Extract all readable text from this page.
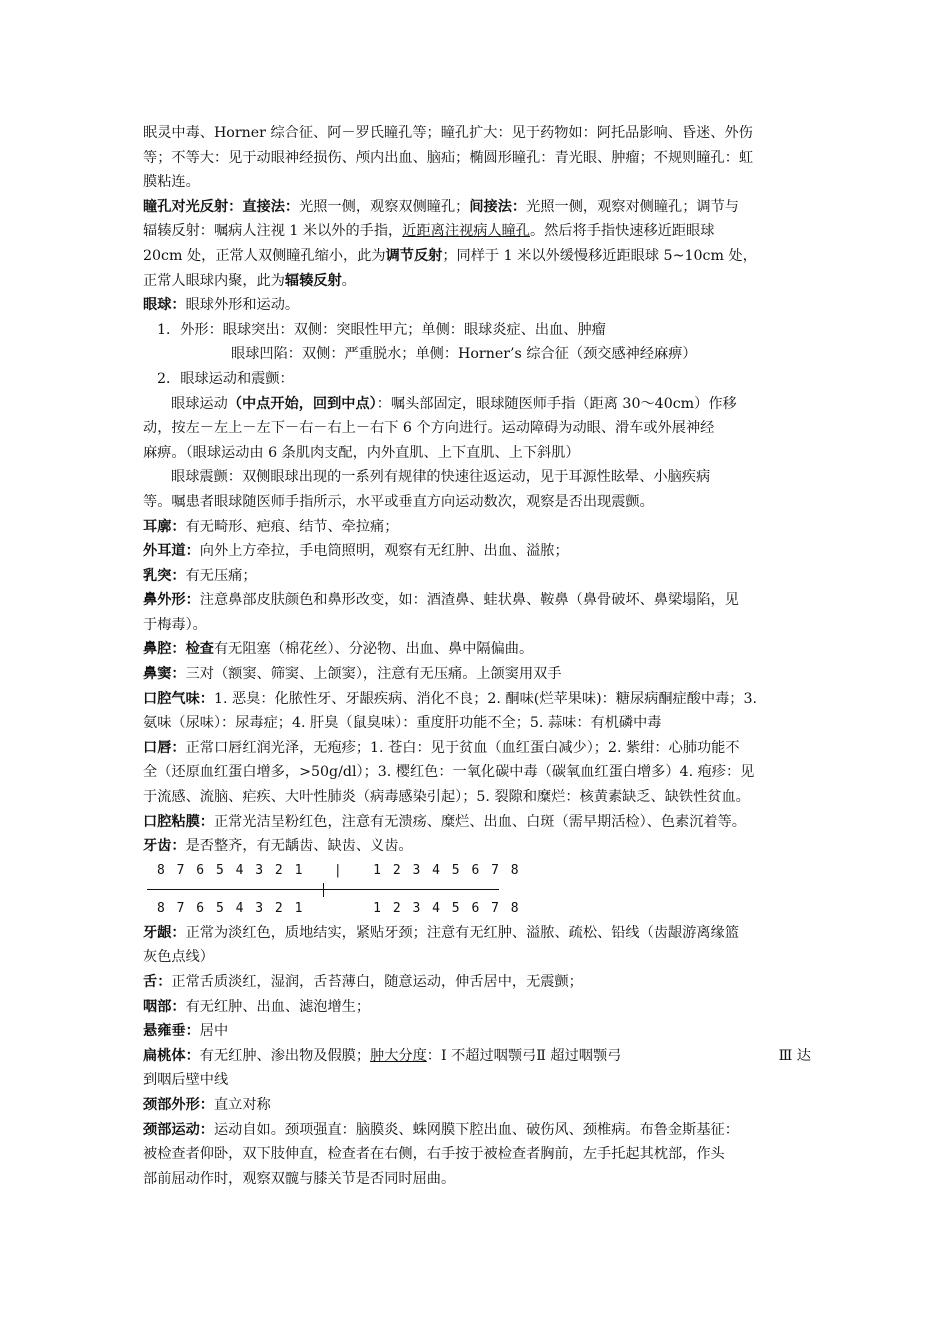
眠灵中毒、Horner 综合征、阿－罗氏瞳孔等；瞳孔扩大：见于药物如：阿托品影响、昏迷、外伤
等；不等大：见于动眼神经损伤、颅内出血、脑疝；椭圆形瞳孔：青光眼、肿瘤；不规则瞳孔：虹
膜粘连。
瞳孔对光反射：直接法：光照一侧，观察双侧瞳孔；间接法：光照一侧，观察对侧瞳孔；调节与
辐辏反射：嘱病人注视 1 米以外的手指，近距离注视病人瞳孔。然后将手指快速移近距眼球
20cm 处，正常人双侧瞳孔缩小，此为调节反射；同样于 1 米以外缓慢移近距眼球 5~10cm 处，
正常人眼球内聚，此为辐辏反射。
眼球：眼球外形和运动。
1．外形：眼球突出：双侧：突眼性甲亢；单侧：眼球炎症、出血、肿瘤
眼球凹陷：双侧：严重脱水；单侧：Horner’s 综合征（颈交感神经麻痹）
2．眼球运动和震颤：
眼球运动（中点开始，回到中点）：嘱头部固定，眼球随医师手指（距离 30～40cm）作移
动，按左－左上－左下－右－右上－右下 6 个方向进行。运动障碍为动眼、滑车或外展神经
麻痹。（眼球运动由 6 条肌肉支配，内外直肌、上下直肌、上下斜肌）
眼球震颤：双侧眼球出现的一系列有规律的快速往返运动，见于耳源性眩晕、小脑疾病
等。嘱患者眼球随医师手指所示，水平或垂直方向运动数次，观察是否出现震颤。
耳廓：有无畸形、疤痕、结节、牵拉痛；
外耳道：向外上方牵拉，手电筒照明，观察有无红肿、出血、溢脓；
乳突：有无压痛；
鼻外形：注意鼻部皮肤颜色和鼻形改变，如：酒渣鼻、蛙状鼻、鞍鼻（鼻骨破坏、鼻梁塌陷，见
于梅毒）。
鼻腔：检查有无阻塞（棉花丝）、分泌物、出血、鼻中隔偏曲。
鼻窦：三对（额窦、筛窦、上颌窦），注意有无压痛。上颌窦用双手
口腔气味：1. 恶臭：化脓性牙、牙龈疾病、消化不良；2. 酮味(烂苹果味)：糖尿病酮症酸中毒；3.
氨味（尿味）：尿毒症；4. 肝臭（鼠臭味）：重度肝功能不全；5. 蒜味：有机磷中毒
口唇：正常口唇红润光泽，无疱疹；1. 苍白：见于贫血（血红蛋白减少）；2. 紫绀：心肺功能不
全（还原血红蛋白增多，>50g/dl）；3. 樱红色：一氧化碳中毒（碳氧血红蛋白增多）4. 疱疹：见
于流感、流脑、疟疾、大叶性肺炎（病毒感染引起）；5. 裂隙和糜烂：核黄素缺乏、缺铁性贫血。
口腔粘膜：正常光洁呈粉红色，注意有无溃疡、糜烂、出血、白斑（需早期活检）、色素沉着等。
牙齿：是否整齐，有无龋齿、缺齿、义齿。
8 7 6 5 4 3 2 1   |   1 2 3 4 5 6 7 8
8 7 6 5 4 3 2 1       1 2 3 4 5 6 7 8
牙龈：正常为淡红色，质地结实，紧贴牙颈；注意有无红肿、溢脓、疏松、铅线（齿龈游离缘篮
灰色点线）
舌：正常舌质淡红，湿润，舌苔薄白，随意运动，伸舌居中，无震颤；
咽部：有无红肿、出血、滤泡增生；
悬雍垂：居中
扁桃体：有无红肿、渗出物及假膜；肿大分度：Ⅰ 不超过咽颚弓Ⅱ 超过咽颚弓	Ⅲ 达
到咽后壁中线
颈部外形：直立对称
颈部运动：运动自如。颈项强直：脑膜炎、蛛网膜下腔出血、破伤风、颈椎病。布鲁金斯基征：
被检查者仰卧，双下肢伸直，检查者在右侧，右手按于被检查者胸前，左手托起其枕部，作头
部前屈动作时，观察双髋与膝关节是否同时屈曲。
